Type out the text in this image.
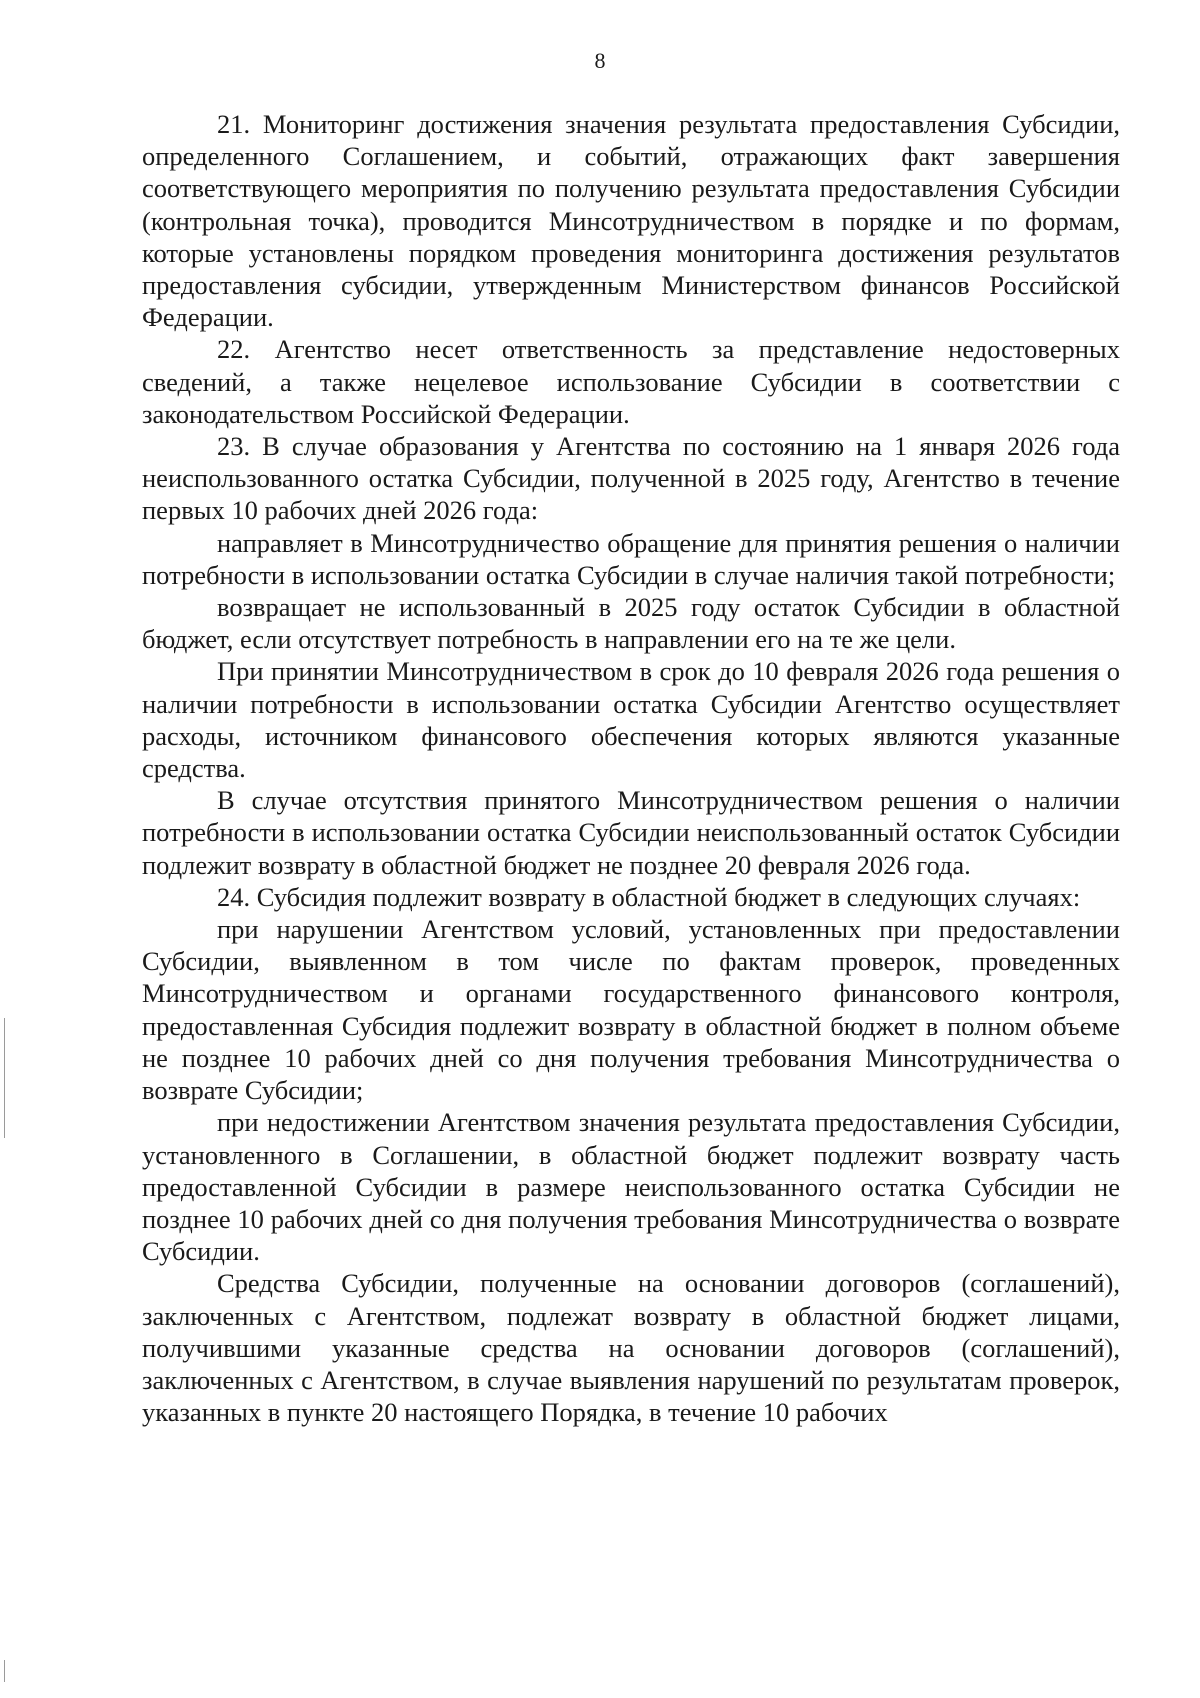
8

21. Мониторинг достижения значения результата предоставления Субсидии, определенного Соглашением, и событий, отражающих факт завершения соответствующего мероприятия по получению результата предоставления Субсидии (контрольная точка), проводится Минсотрудничеством в порядке и по формам, которые установлены порядком проведения мониторинга достижения результатов предоставления субсидии, утвержденным Министерством финансов Российской Федерации.

22. Агентство несет ответственность за представление недостоверных сведений, а также нецелевое использование Субсидии в соответствии с законодательством Российской Федерации.

23. В случае образования у Агентства по состоянию на 1 января 2026 года неиспользованного остатка Субсидии, полученной в 2025 году, Агентство в течение первых 10 рабочих дней 2026 года:

направляет в Минсотрудничество обращение для принятия решения о наличии потребности в использовании остатка Субсидии в случае наличия такой потребности;

возвращает не использованный в 2025 году остаток Субсидии в областной бюджет, если отсутствует потребность в направлении его на те же цели.

При принятии Минсотрудничеством в срок до 10 февраля 2026 года решения о наличии потребности в использовании остатка Субсидии Агентство осуществляет расходы, источником финансового обеспечения которых являются указанные средства.

В случае отсутствия принятого Минсотрудничеством решения о наличии потребности в использовании остатка Субсидии неиспользованный остаток Субсидии подлежит возврату в областной бюджет не позднее 20 февраля 2026 года.

24. Субсидия подлежит возврату в областной бюджет в следующих случаях:

при нарушении Агентством условий, установленных при предоставлении Субсидии, выявленном в том числе по фактам проверок, проведенных Минсотрудничеством и органами государственного финансового контроля, предоставленная Субсидия подлежит возврату в областной бюджет в полном объеме не позднее 10 рабочих дней со дня получения требования Минсотрудничества о возврате Субсидии;

при недостижении Агентством значения результата предоставления Субсидии, установленного в Соглашении, в областной бюджет подлежит возврату часть предоставленной Субсидии в размере неиспользованного остатка Субсидии не позднее 10 рабочих дней со дня получения требования Минсотрудничества о возврате Субсидии.

Средства Субсидии, полученные на основании договоров (соглашений), заключенных с Агентством, подлежат возврату в областной бюджет лицами, получившими указанные средства на основании договоров (соглашений), заключенных с Агентством, в случае выявления нарушений по результатам проверок, указанных в пункте 20 настоящего Порядка, в течение 10 рабочих
